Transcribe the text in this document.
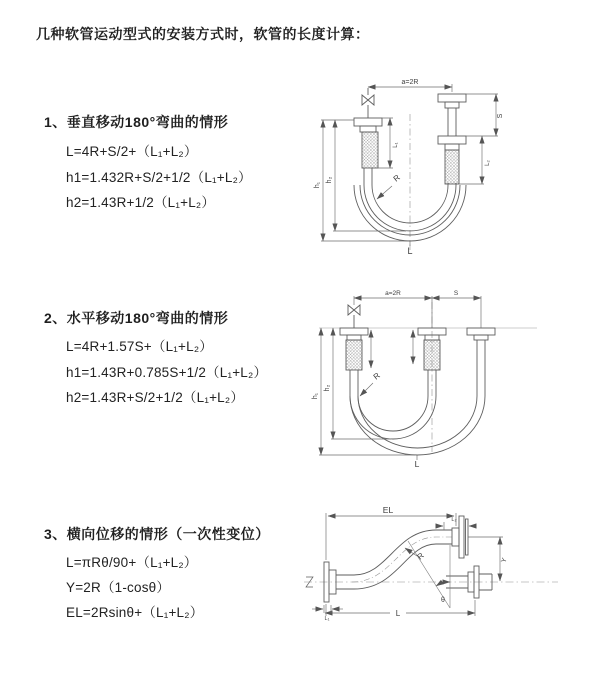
几种软管运动型式的安装方式时，软管的长度计算：
1、垂直移动180°弯曲的情形
L=4R+S/2+（L₁+L₂）
h1=1.432R+S/2+1/2（L₁+L₂）
h2=1.43R+1/2（L₁+L₂）
2、水平移动180°弯曲的情形
L=4R+1.57S+（L₁+L₂）
h1=1.43R+0.785S+1/2（L₁+L₂）
h2=1.43R+S/2+1/2（L₁+L₂）
3、横向位移的情形（一次性变位）
L=πRθ/90+（L₁+L₂）
Y=2R（1-cosθ）
EL=2Rsinθ+（L₁+L₂）
a=2R
h₁
h₂
L₁
S
L₂
R
L
a=2R	S
h₁
h₂
R
L
EL
L₂
L₁
Y
R
θ
L
